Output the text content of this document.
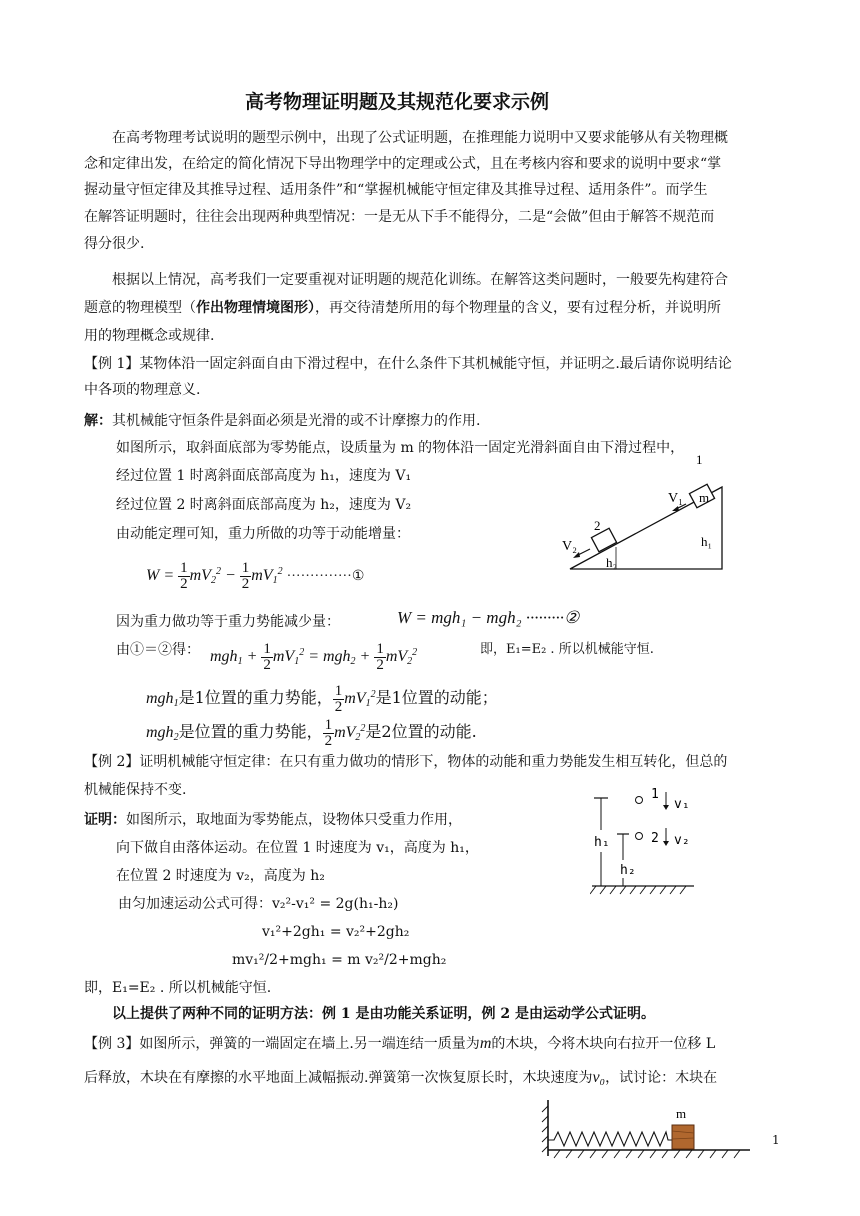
高考物理证明题及其规范化要求示例
在高考物理考试说明的题型示例中，出现了公式证明题，在推理能力说明中又要求能够从有关物理概
念和定律出发，在给定的简化情况下导出物理学中的定理或公式，且在考核内容和要求的说明中要求“掌
握动量守恒定律及其推导过程、适用条件”和“掌握机械能守恒定律及其推导过程、适用条件”。而学生
在解答证明题时，往往会出现两种典型情况：一是无从下手不能得分，二是“会做”但由于解答不规范而
得分很少.
根据以上情况，高考我们一定要重视对证明题的规范化训练。在解答这类问题时，一般要先构建符合
题意的物理模型（作出物理情境图形），再交待清楚所用的每个物理量的含义，要有过程分析，并说明所
用的物理概念或规律.
【例 1】某物体沿一固定斜面自由下滑过程中，在什么条件下其机械能守恒，并证明之.最后请你说明结论
中各项的物理意义.
解：其机械能守恒条件是斜面必须是光滑的或不计摩擦力的作用.
如图所示，取斜面底部为零势能点，设质量为 m 的物体沿一固定光滑斜面自由下滑过程中，
经过位置 1 时离斜面底部高度为 h₁，速度为 V₁
经过位置 2 时离斜面底部高度为 h₂，速度为 V₂
由动能定理可知，重力所做的功等于动能增量：
$W = \frac{1}{2} mV_2^2 - \frac{1}{2} mV_1^2$ ··············①
1
V₁ m
h₁
2
V₂
h₂
因为重力做功等于重力势能减少量：	W = mgh₁ − mgh₂ ·········②
由①＝②得： $mgh_1 + \frac{1}{2} mV_1^2 = mgh_2 + \frac{1}{2} mV_2^2$	即，E₁=E₂ . 所以机械能守恒.
mgh$_1$是1位置的重力势能， $\frac{1}{2} mV_1^2$是1位置的动能；
mgh$_2$是位置的重力势能， $\frac{1}{2} mV_2^2$是2位置的动能.
【例 2】证明机械能守恒定律：在只有重力做功的情形下，物体的动能和重力势能发生相互转化，但总的
机械能保持不变.
证明：如图所示，取地面为零势能点，设物体只受重力作用，
向下做自由落体运动。在位置 1 时速度为 v₁，高度为 h₁，
在位置 2 时速度为 v₂，高度为 h₂
由匀加速运动公式可得：v₂²-v₁² = 2g(h₁-h₂)
v₁²+2gh₁ = v₂²+2gh₂
mv₁²/2+mgh₁ = m v₂²/2+mgh₂
即，E₁=E₂ . 所以机械能守恒.
1
v₁
h₁	2 v₂
h₂
以上提供了两种不同的证明方法：例 1 是由功能关系证明，例 2 是由运动学公式证明。
【例 3】如图所示，弹簧的一端固定在墙上.另一端连结一质量为m的木块，今将木块向右拉开一位移 L
后释放，木块在有摩擦的水平地面上减幅振动.弹簧第一次恢复原长时，木块速度为v₀，试讨论：木块在
m
1
